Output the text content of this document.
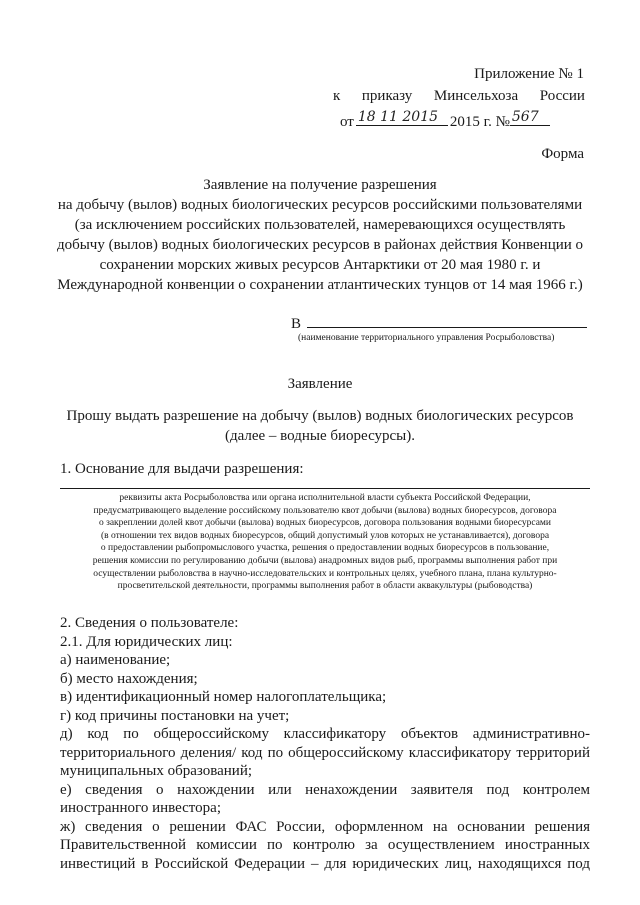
Приложение № 1
к приказу Минсельхоза России
от 18 11 2015 2015 г. № 567
Форма
Заявление на получение разрешения
на добычу (вылов) водных биологических ресурсов российскими пользователями
(за исключением российских пользователей, намеревающихся осуществлять
добычу (вылов) водных биологических ресурсов в районах действия Конвенции о
сохранении морских живых ресурсов Антарктики от 20 мая 1980 г. и
Международной конвенции о сохранении атлантических тунцов от 14 мая 1966 г.)
В
(наименование территориального управления Росрыболовства)
Заявление
Прошу выдать разрешение на добычу (вылов) водных биологических ресурсов
(далее – водные биоресурсы).
1. Основание для выдачи разрешения:
реквизиты акта Росрыболовства или органа исполнительной власти субъекта Российской Федерации,
предусматривающего выделение российскому пользователю квот добычи (вылова) водных биоресурсов, договора
о закреплении долей квот добычи (вылова) водных биоресурсов, договора пользования водными биоресурсами
(в отношении тех видов водных биоресурсов, общий допустимый улов которых не устанавливается), договора
о предоставлении рыбопромыслового участка, решения о предоставлении водных биоресурсов в пользование,
решения комиссии по регулированию добычи (вылова) анадромных видов рыб, программы выполнения работ при
осуществлении рыболовства в научно-исследовательских и контрольных целях, учебного плана, плана культурно-
просветительской деятельности, программы выполнения работ в области аквакультуры (рыбоводства)
2. Сведения о пользователе:
2.1. Для юридических лиц:
а) наименование;
б) место нахождения;
в) идентификационный номер налогоплательщика;
г) код причины постановки на учет;
д) код по общероссийскому классификатору объектов административно-
территориального деления/ код по общероссийскому классификатору территорий
муниципальных образований;
е) сведения о нахождении или ненахождении заявителя под контролем
иностранного инвестора;
ж) сведения о решении ФАС России, оформленном на основании решения
Правительственной комиссии по контролю за осуществлением иностранных
инвестиций в Российской Федерации – для юридических лиц, находящихся под
